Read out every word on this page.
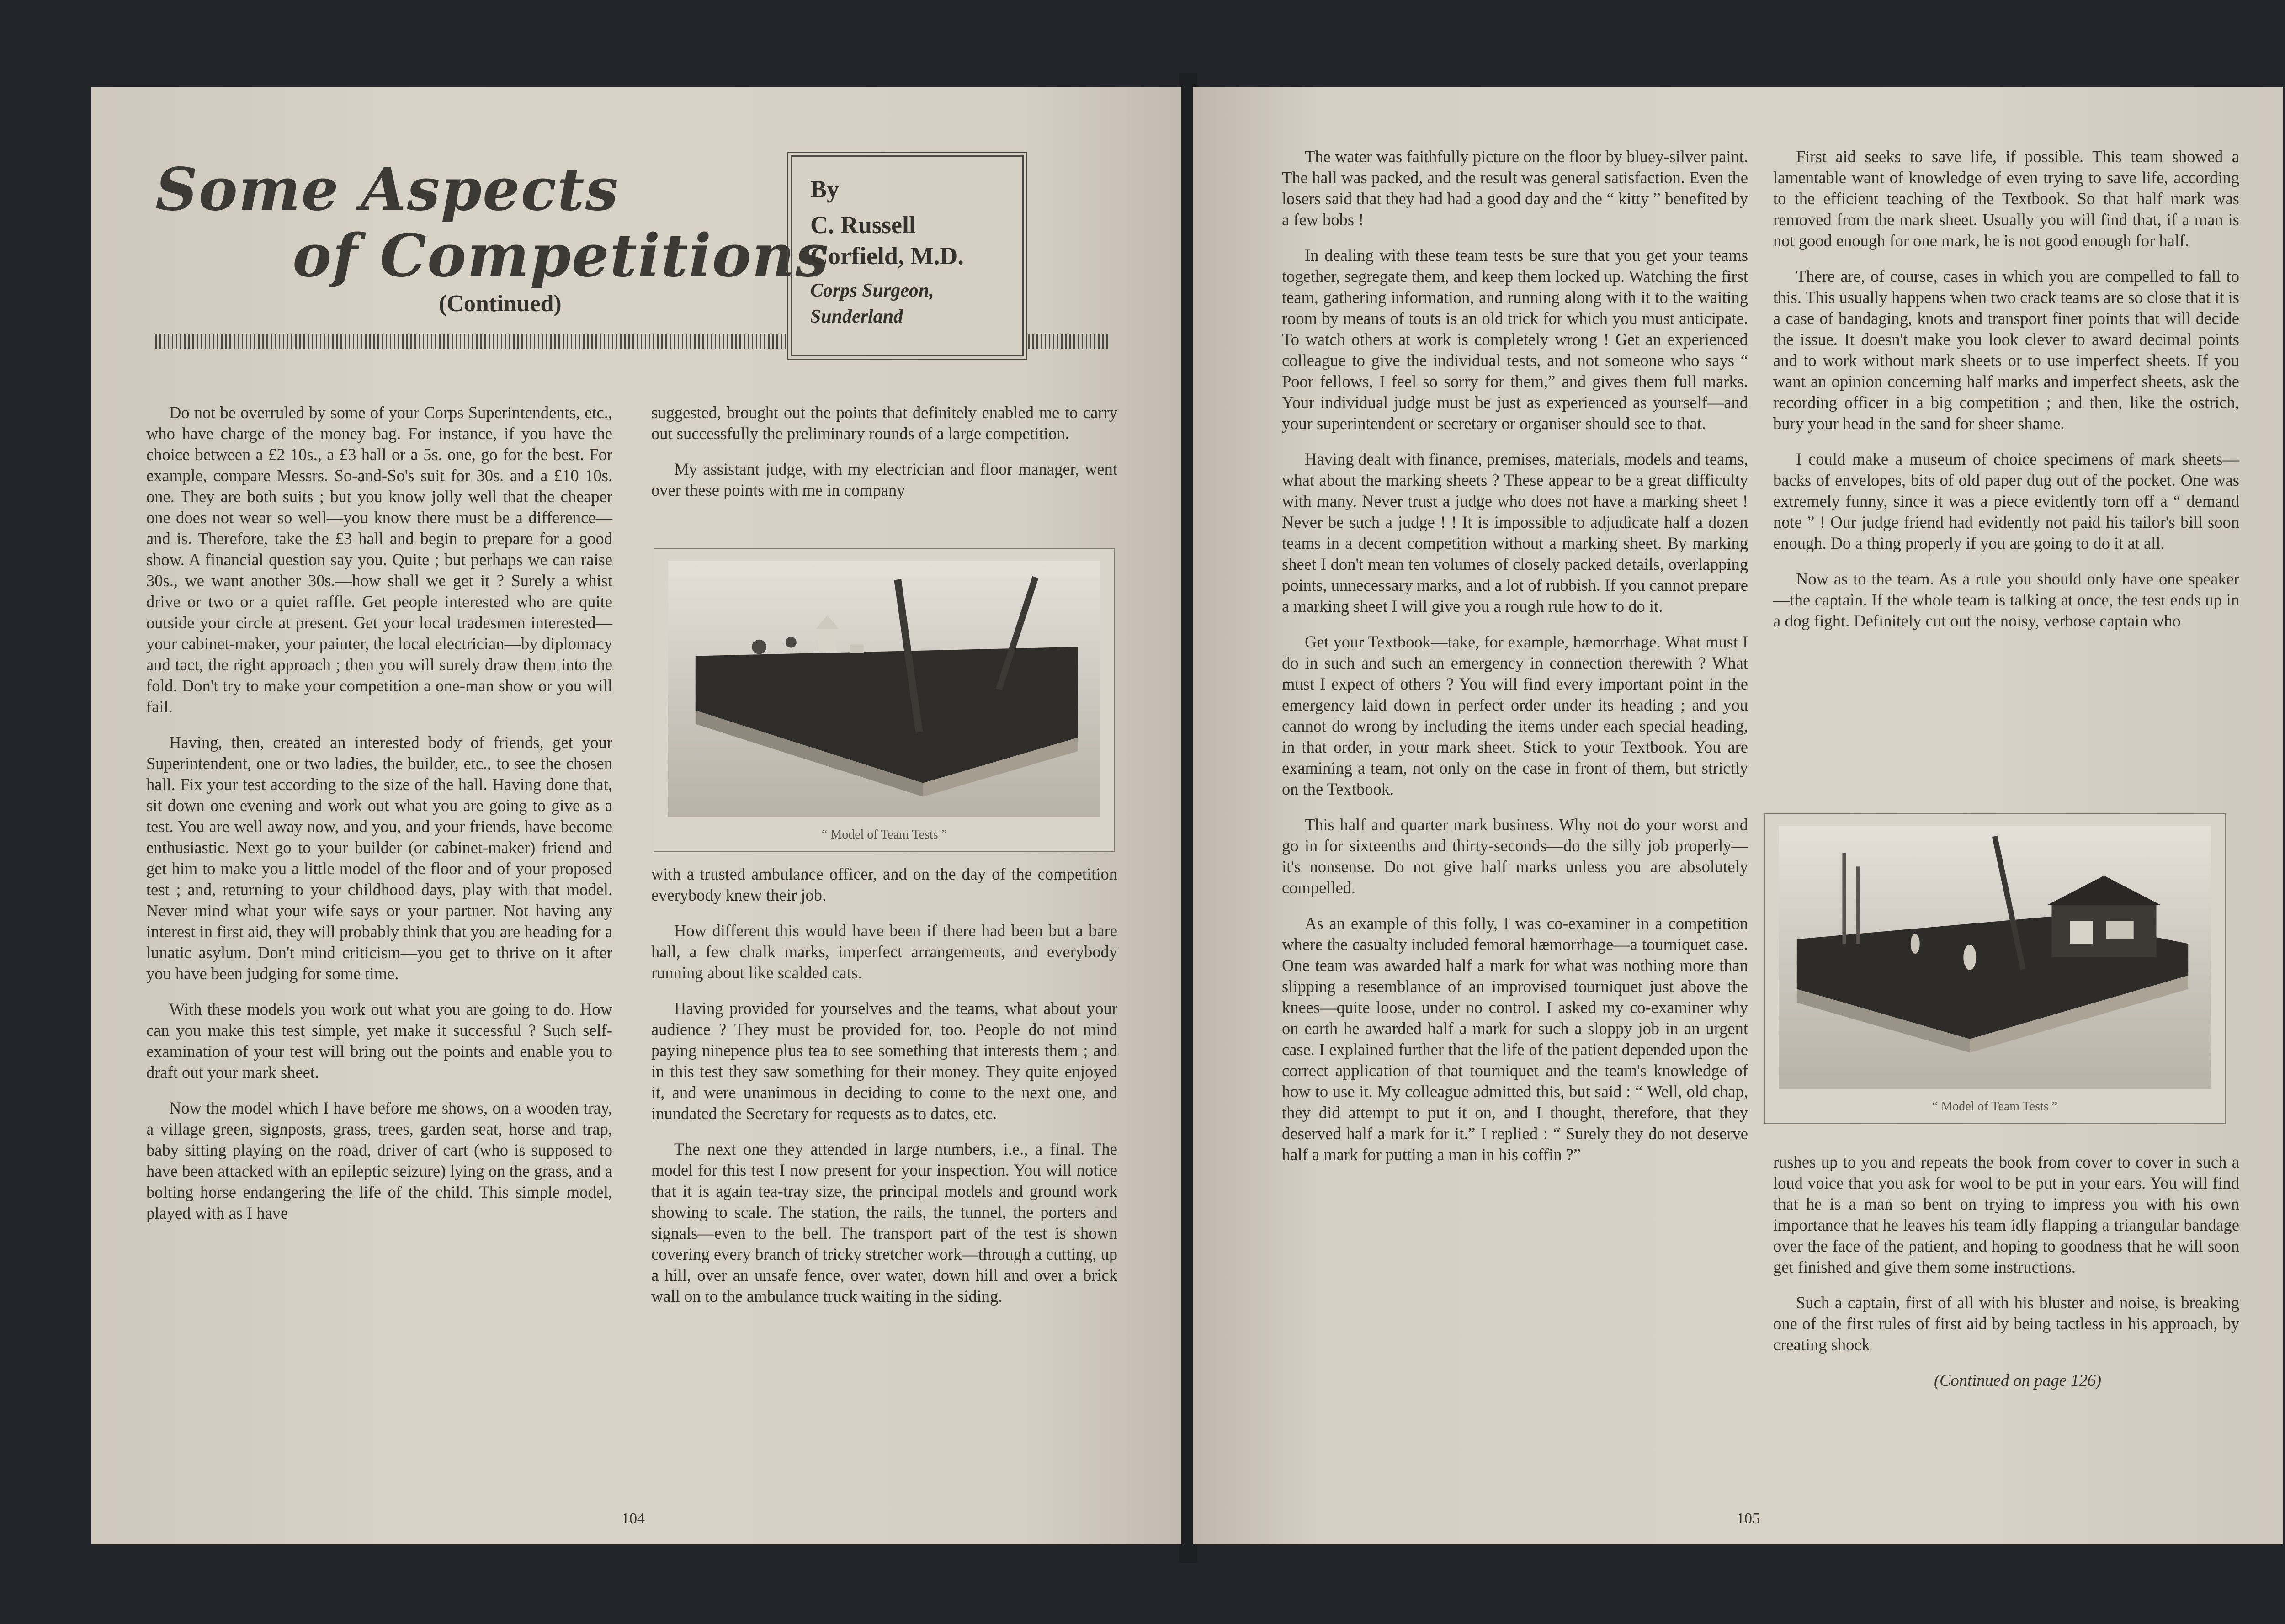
Some Aspects
of Competitions

(Continued)

By

C. Russell Corfield, M.D.

Corps Surgeon, Sunderland

Do not be overruled by some of your Corps Superintendents, etc., who have charge of the money bag. For instance, if you have the choice between a £2 10s., a £3 hall or a 5s. one, go for the best. For example, compare Messrs. So-and-So's suit for 30s. and a £10 10s. one. They are both suits ; but you know jolly well that the cheaper one does not wear so well—you know there must be a difference—and is. Therefore, take the £3 hall and begin to prepare for a good show. A financial question say you. Quite ; but perhaps we can raise 30s., we want another 30s.—how shall we get it ? Surely a whist drive or two or a quiet raffle. Get people interested who are quite outside your circle at present. Get your local tradesmen interested—your cabinet-maker, your painter, the local electrician—by diplomacy and tact, the right approach ; then you will surely draw them into the fold. Don't try to make your competition a one-man show or you will fail.

Having, then, created an interested body of friends, get your Superintendent, one or two ladies, the builder, etc., to see the chosen hall. Fix your test according to the size of the hall. Having done that, sit down one evening and work out what you are going to give as a test. You are well away now, and you, and your friends, have become enthusiastic. Next go to your builder (or cabinet-maker) friend and get him to make you a little model of the floor and of your proposed test ; and, returning to your childhood days, play with that model. Never mind what your wife says or your partner. Not having any interest in first aid, they will probably think that you are heading for a lunatic asylum. Don't mind criticism—you get to thrive on it after you have been judging for some time.

With these models you work out what you are going to do. How can you make this test simple, yet make it successful ? Such self-examination of your test will bring out the points and enable you to draft out your mark sheet.

Now the model which I have before me shows, on a wooden tray, a village green, signposts, grass, trees, garden seat, horse and trap, baby sitting playing on the road, driver of cart (who is supposed to have been attacked with an epileptic seizure) lying on the grass, and a bolting horse endangering the life of the child. This simple model, played with as I have

suggested, brought out the points that definitely enabled me to carry out successfully the preliminary rounds of a large competition.

My assistant judge, with my electrician and floor manager, went over these points with me in company

“ Model of Team Tests ”

with a trusted ambulance officer, and on the day of the competition everybody knew their job.

How different this would have been if there had been but a bare hall, a few chalk marks, imperfect arrangements, and everybody running about like scalded cats.

Having provided for yourselves and the teams, what about your audience ? They must be provided for, too. People do not mind paying ninepence plus tea to see something that interests them ; and in this test they saw something for their money. They quite enjoyed it, and were unanimous in deciding to come to the next one, and inundated the Secretary for requests as to dates, etc.

The next one they attended in large numbers, i.e., a final. The model for this test I now present for your inspection. You will notice that it is again tea-tray size, the principal models and ground work showing to scale. The station, the rails, the tunnel, the porters and signals—even to the bell. The transport part of the test is shown covering every branch of tricky stretcher work—through a cutting, up a hill, over an unsafe fence, over water, down hill and over a brick wall on to the ambulance truck waiting in the siding.

104

The water was faithfully picture on the floor by bluey-silver paint. The hall was packed, and the result was general satisfaction. Even the losers said that they had had a good day and the “ kitty ” benefited by a few bobs !

In dealing with these team tests be sure that you get your teams together, segregate them, and keep them locked up. Watching the first team, gathering information, and running along with it to the waiting room by means of touts is an old trick for which you must anticipate. To watch others at work is completely wrong ! Get an experienced colleague to give the individual tests, and not someone who says “ Poor fellows, I feel so sorry for them,” and gives them full marks. Your individual judge must be just as experienced as yourself—and your superintendent or secretary or organiser should see to that.

Having dealt with finance, premises, materials, models and teams, what about the marking sheets ? These appear to be a great difficulty with many. Never trust a judge who does not have a marking sheet ! Never be such a judge ! ! It is impossible to adjudicate half a dozen teams in a decent competition without a marking sheet. By marking sheet I don't mean ten volumes of closely packed details, overlapping points, unnecessary marks, and a lot of rubbish. If you cannot prepare a marking sheet I will give you a rough rule how to do it.

Get your Textbook—take, for example, hæmorrhage. What must I do in such and such an emergency in connection therewith ? What must I expect of others ? You will find every important point in the emergency laid down in perfect order under its heading ; and you cannot do wrong by including the items under each special heading, in that order, in your mark sheet. Stick to your Textbook. You are examining a team, not only on the case in front of them, but strictly on the Textbook.

This half and quarter mark business. Why not do your worst and go in for sixteenths and thirty-seconds—do the silly job properly—it's nonsense. Do not give half marks unless you are absolutely compelled.

As an example of this folly, I was co-examiner in a competition where the casualty included femoral hæmorrhage—a tourniquet case. One team was awarded half a mark for what was nothing more than slipping a resemblance of an improvised tourniquet just above the knees—quite loose, under no control. I asked my co-examiner why on earth he awarded half a mark for such a sloppy job in an urgent case. I explained further that the life of the patient depended upon the correct application of that tourniquet and the team's knowledge of how to use it. My colleague admitted this, but said : “ Well, old chap, they did attempt to put it on, and I thought, therefore, that they deserved half a mark for it.” I replied : “ Surely they do not deserve half a mark for putting a man in his coffin ?”

First aid seeks to save life, if possible. This team showed a lamentable want of knowledge of even trying to save life, according to the efficient teaching of the Textbook. So that half mark was removed from the mark sheet. Usually you will find that, if a man is not good enough for one mark, he is not good enough for half.

There are, of course, cases in which you are compelled to fall to this. This usually happens when two crack teams are so close that it is a case of bandaging, knots and transport finer points that will decide the issue. It doesn't make you look clever to award decimal points and to work without mark sheets or to use imperfect sheets. If you want an opinion concerning half marks and imperfect sheets, ask the recording officer in a big competition ; and then, like the ostrich, bury your head in the sand for sheer shame.

I could make a museum of choice specimens of mark sheets—backs of envelopes, bits of old paper dug out of the pocket. One was extremely funny, since it was a piece evidently torn off a “ demand note ” ! Our judge friend had evidently not paid his tailor's bill soon enough. Do a thing properly if you are going to do it at all.

Now as to the team. As a rule you should only have one speaker—the captain. If the whole team is talking at once, the test ends up in a dog fight. Definitely cut out the noisy, verbose captain who

“ Model of Team Tests ”

rushes up to you and repeats the book from cover to cover in such a loud voice that you ask for wool to be put in your ears. You will find that he is a man so bent on trying to impress you with his own importance that he leaves his team idly flapping a triangular bandage over the face of the patient, and hoping to goodness that he will soon get finished and give them some instructions.

Such a captain, first of all with his bluster and noise, is breaking one of the first rules of first aid by being tactless in his approach, by creating shock

(Continued on page 126)

105
